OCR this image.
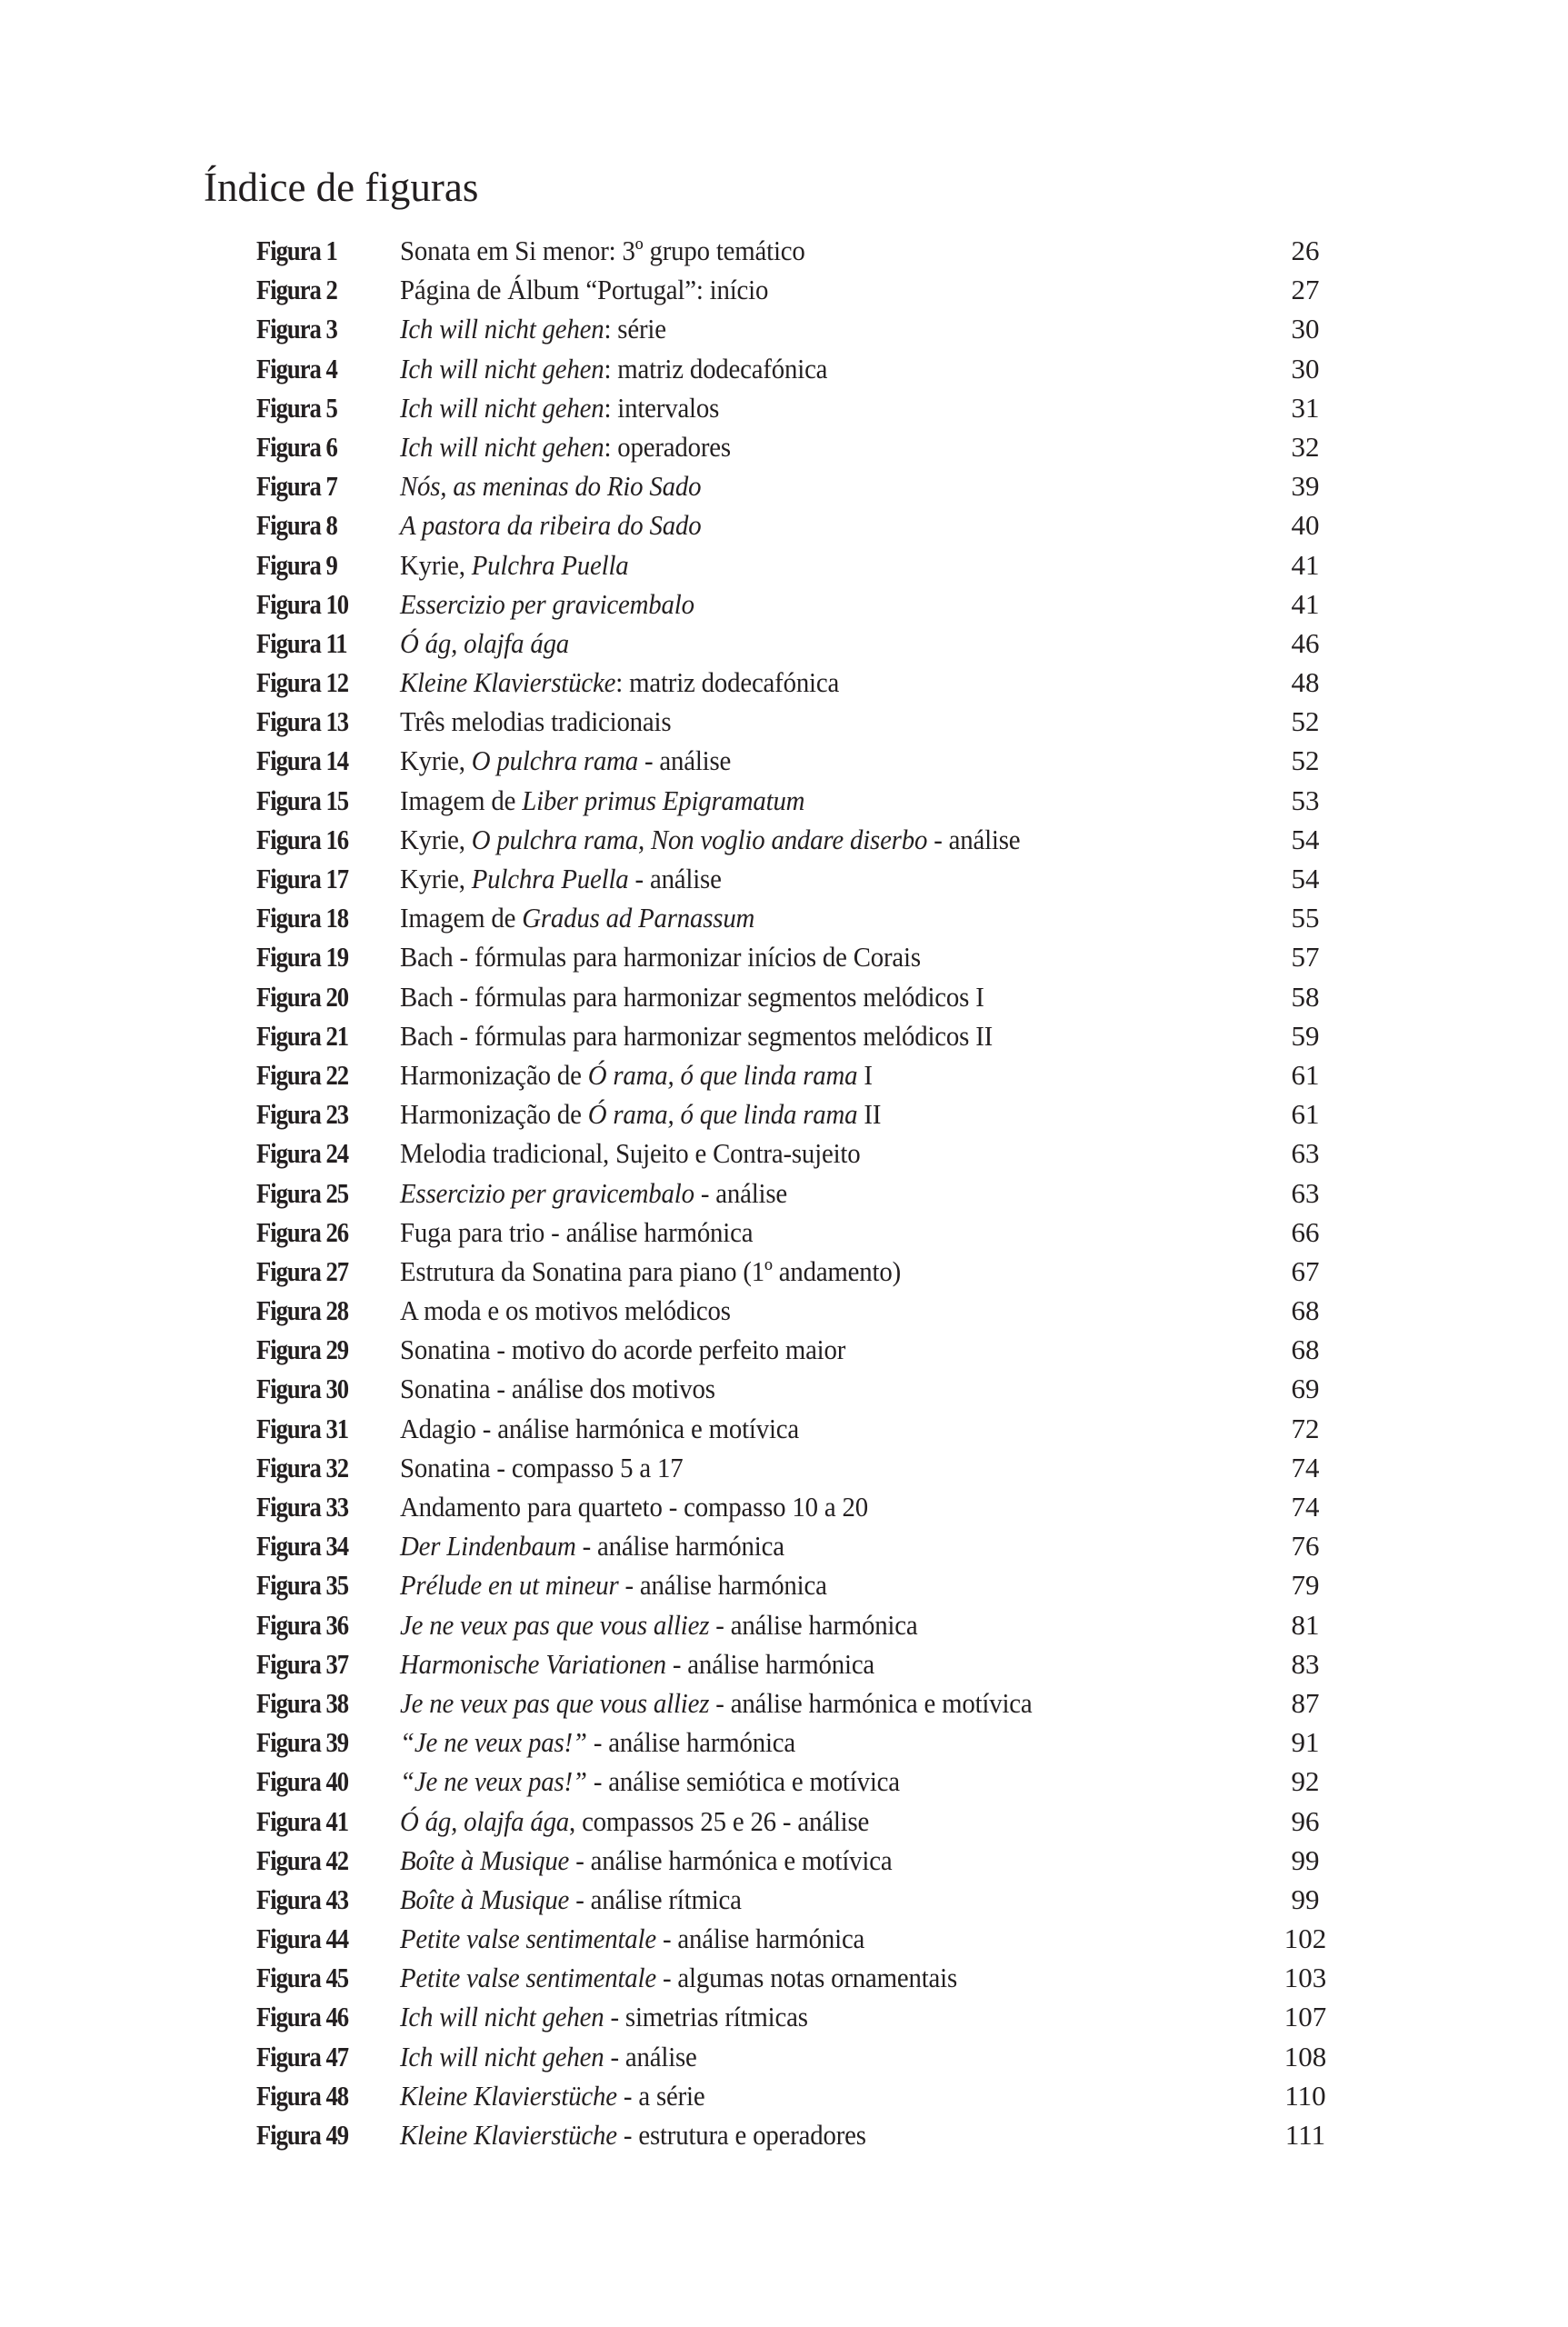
Índice de figuras
Figura 1 Sonata em Si menor: 3º grupo temático	26
Figura 2 Página de Álbum “Portugal”: início	27
Figura 3 Ich will nicht gehen: série	30
Figura 4 Ich will nicht gehen: matriz dodecafónica	30
Figura 5 Ich will nicht gehen: intervalos	31
Figura 6 Ich will nicht gehen: operadores	32
Figura 7 Nós, as meninas do Rio Sado	39
Figura 8 A pastora da ribeira do Sado	40
Figura 9 Kyrie, Pulchra Puella	41
Figura 10 Essercizio per gravicembalo	41
Figura 11 Ó ág, olajfa ága	46
Figura 12 Kleine Klavierstücke: matriz dodecafónica	48
Figura 13 Três melodias tradicionais	52
Figura 14 Kyrie, O pulchra rama - análise	52
Figura 15 Imagem de Liber primus Epigramatum	53
Figura 16 Kyrie, O pulchra rama, Non voglio andare diserbo - análise	54
Figura 17 Kyrie, Pulchra Puella - análise	54
Figura 18 Imagem de Gradus ad Parnassum	55
Figura 19 Bach - fórmulas para harmonizar inícios de Corais	57
Figura 20 Bach - fórmulas para harmonizar segmentos melódicos I	58
Figura 21 Bach - fórmulas para harmonizar segmentos melódicos II	59
Figura 22 Harmonização de Ó rama, ó que linda rama I	61
Figura 23 Harmonização de Ó rama, ó que linda rama II	61
Figura 24 Melodia tradicional, Sujeito e Contra-sujeito	63
Figura 25 Essercizio per gravicembalo - análise	63
Figura 26 Fuga para trio - análise harmónica	66
Figura 27 Estrutura da Sonatina para piano (1º andamento)	67
Figura 28 A moda e os motivos melódicos	68
Figura 29 Sonatina - motivo do acorde perfeito maior	68
Figura 30 Sonatina - análise dos motivos	69
Figura 31 Adagio - análise harmónica e motívica	72
Figura 32 Sonatina - compasso 5 a 17	74
Figura 33 Andamento para quarteto - compasso 10 a 20	74
Figura 34 Der Lindenbaum - análise harmónica	76
Figura 35 Prélude en ut mineur - análise harmónica	79
Figura 36 Je ne veux pas que vous alliez - análise harmónica	81
Figura 37 Harmonische Variationen - análise harmónica	83
Figura 38 Je ne veux pas que vous alliez - análise harmónica e motívica	87
Figura 39 “Je ne veux pas!” - análise harmónica	91
Figura 40 “Je ne veux pas!” - análise semiótica e motívica	92
Figura 41 Ó ág, olajfa ága, compassos 25 e 26 - análise	96
Figura 42 Boîte à Musique - análise harmónica e motívica	99
Figura 43 Boîte à Musique - análise rítmica	99
Figura 44 Petite valse sentimentale - análise harmónica	102
Figura 45 Petite valse sentimentale - algumas notas ornamentais	103
Figura 46 Ich will nicht gehen - simetrias rítmicas	107
Figura 47 Ich will nicht gehen - análise	108
Figura 48 Kleine Klavierstüche - a série	110
Figura 49 Kleine Klavierstüche - estrutura e operadores	111
